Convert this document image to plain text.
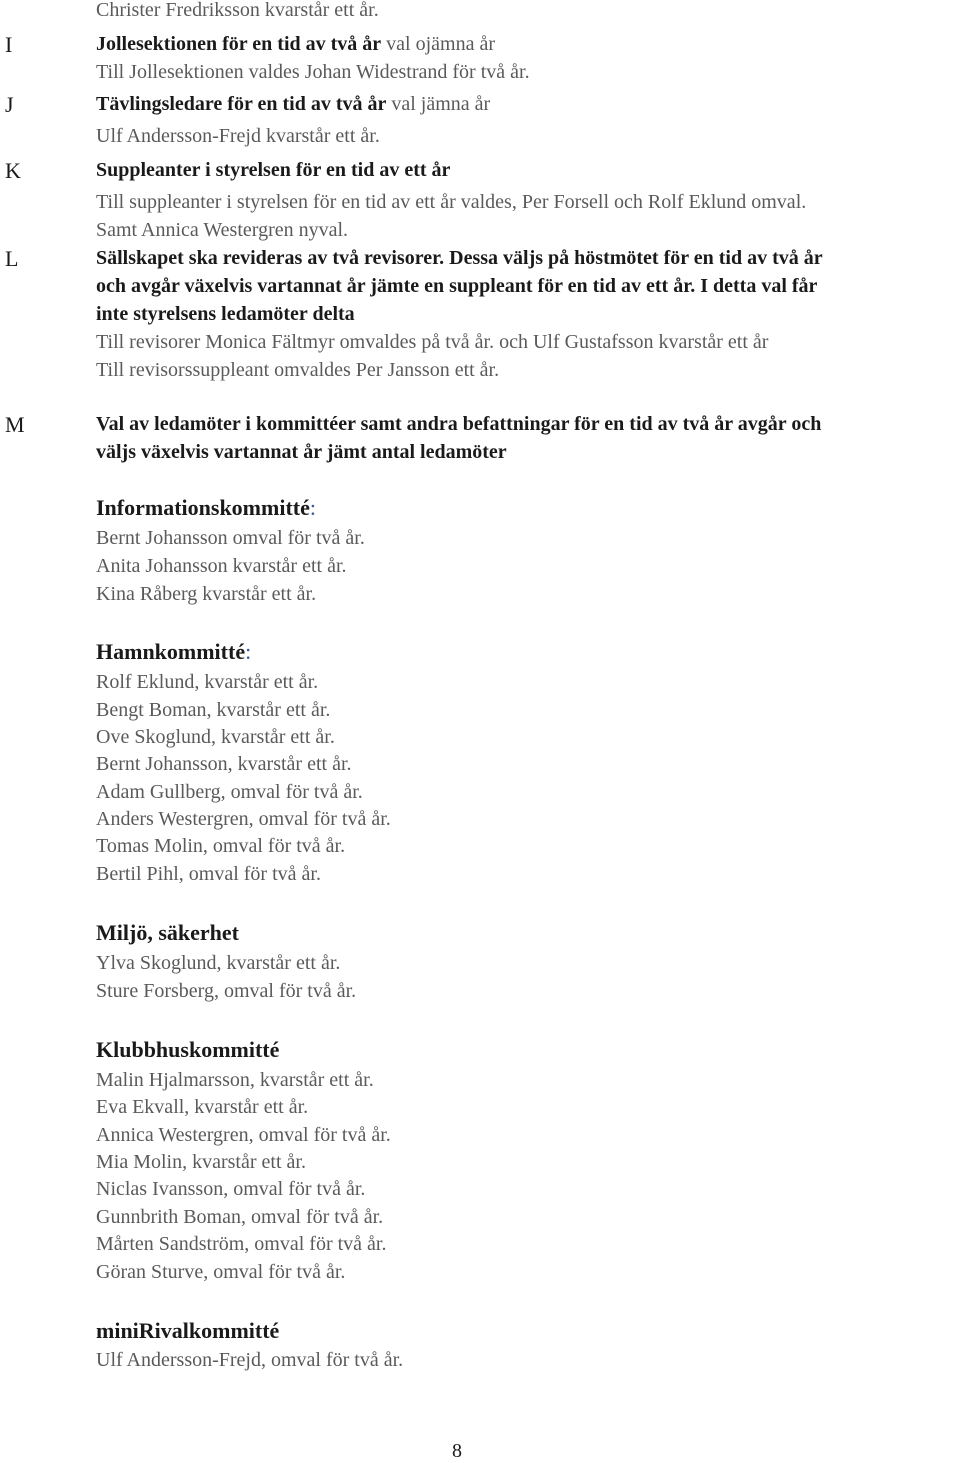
Christer Fredriksson kvarstår ett år.
I	Jollesektionen för en tid av två år val ojämna år
Till Jollesektionen valdes Johan Widestrand för två år.
J	Tävlingsledare för en tid av två år val jämna år
Ulf Andersson-Frejd kvarstår ett år.
K	Suppleanter i styrelsen för en tid av ett år
Till suppleanter i styrelsen för en tid av ett år valdes, Per Forsell och Rolf Eklund omval.
Samt Annica Westergren nyval.
L	Sällskapet ska revideras av två revisorer. Dessa väljs på höstmötet för en tid av två år
och avgår växelvis vartannat år jämte en suppleant för en tid av ett år. I detta val får
inte styrelsens ledamöter delta
Till revisorer Monica Fältmyr omvaldes på två år. och Ulf Gustafsson kvarstår ett år
Till revisorssuppleant omvaldes Per Jansson ett år.
M	Val av ledamöter i kommittéer samt andra befattningar för en tid av två år avgår och
väljs växelvis vartannat år jämt antal ledamöter
Informationskommitté:
Bernt Johansson omval för två år.
Anita Johansson kvarstår ett år.
Kina Råberg kvarstår ett år.
Hamnkommitté:
Rolf Eklund, kvarstår ett år.
Bengt Boman, kvarstår ett år.
Ove Skoglund, kvarstår ett år.
Bernt Johansson, kvarstår ett år.
Adam Gullberg, omval för två år.
Anders Westergren, omval för två år.
Tomas Molin, omval för två år.
Bertil Pihl, omval för två år.
Miljö, säkerhet
Ylva Skoglund, kvarstår ett år.
Sture Forsberg, omval för två år.
Klubbhuskommitté
Malin Hjalmarsson, kvarstår ett år.
Eva Ekvall, kvarstår ett år.
Annica Westergren, omval för två år.
Mia Molin, kvarstår ett år.
Niclas Ivansson, omval för två år.
Gunnbrith Boman, omval för två år.
Mårten Sandström, omval för två år.
Göran Sturve, omval för två år.
miniRivalkommitté
Ulf Andersson-Frejd, omval för två år.
8
